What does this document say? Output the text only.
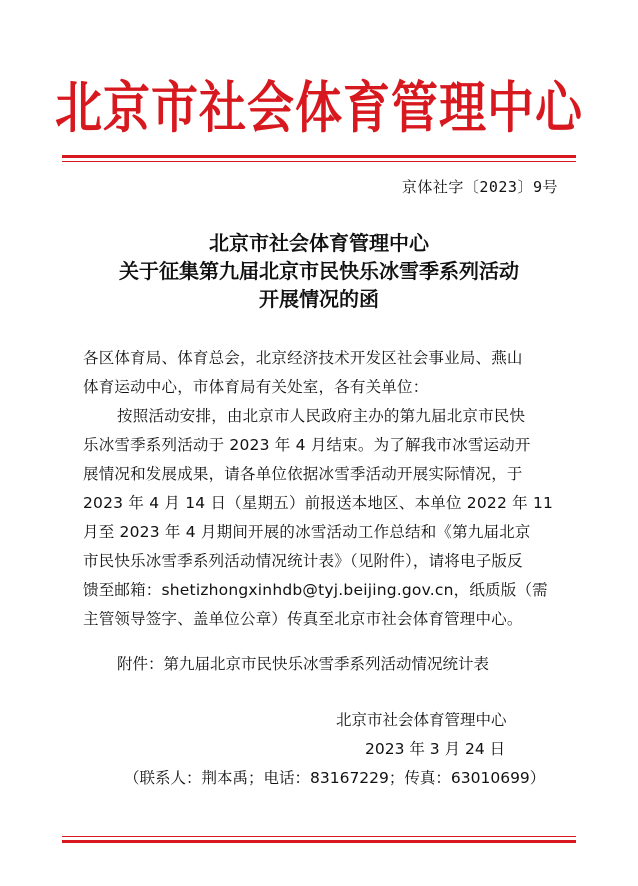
北京市社会体育管理中心
京体社字〔2023〕9号
北京市社会体育管理中心
关于征集第九届北京市民快乐冰雪季系列活动
开展情况的函
各区体育局、体育总会，北京经济技术开发区社会事业局、燕山
体育运动中心，市体育局有关处室，各有关单位：
按照活动安排，由北京市人民政府主办的第九届北京市民快
乐冰雪季系列活动于 2023 年 4 月结束。为了解我市冰雪运动开
展情况和发展成果，请各单位依据冰雪季活动开展实际情况，于
2023 年 4 月 14 日（星期五）前报送本地区、本单位 2022 年 11
月至 2023 年 4 月期间开展的冰雪活动工作总结和《第九届北京
市民快乐冰雪季系列活动情况统计表》（见附件），请将电子版反
馈至邮箱：shetizhongxinhdb@tyj.beijing.gov.cn，纸质版（需
主管领导签字、盖单位公章）传真至北京市社会体育管理中心。
附件：第九届北京市民快乐冰雪季系列活动情况统计表
北京市社会体育管理中心
2023 年 3 月 24 日
（联系人：荆本禹；电话：83167229；传真：63010699）
